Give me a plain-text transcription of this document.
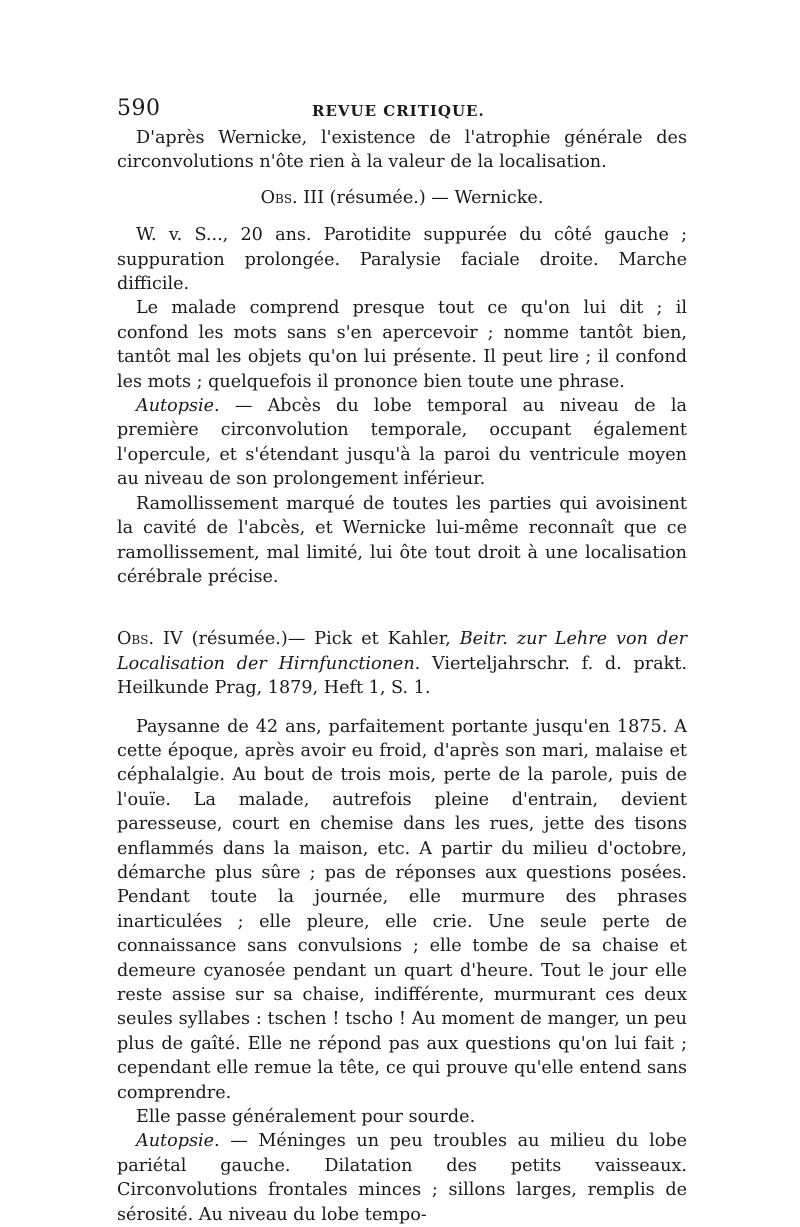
590	REVUE CRITIQUE.

D'après Wernicke, l'existence de l'atrophie générale des circonvolutions n'ôte rien à la valeur de la localisation.

Obs. III (résumée.) — Wernicke.

W. v. S..., 20 ans. Parotidite suppurée du côté gauche ; suppuration prolongée. Paralysie faciale droite. Marche difficile.

Le malade comprend presque tout ce qu'on lui dit ; il confond les mots sans s'en apercevoir ; nomme tantôt bien, tantôt mal les objets qu'on lui présente. Il peut lire ; il confond les mots ; quelquefois il prononce bien toute une phrase.

Autopsie. — Abcès du lobe temporal au niveau de la première circonvolution temporale, occupant également l'opercule, et s'étendant jusqu'à la paroi du ventricule moyen au niveau de son prolongement inférieur.

Ramollissement marqué de toutes les parties qui avoisinent la cavité de l'abcès, et Wernicke lui-même reconnaît que ce ramollissement, mal limité, lui ôte tout droit à une localisation cérébrale précise.

Obs. IV (résumée.)— Pick et Kahler, Beitr. zur Lehre von der Localisation der Hirnfunctionen. Vierteljahrschr. f. d. prakt. Heilkunde Prag, 1879, Heft 1, S. 1.

Paysanne de 42 ans, parfaitement portante jusqu'en 1875. A cette époque, après avoir eu froid, d'après son mari, malaise et céphalalgie. Au bout de trois mois, perte de la parole, puis de l'ouïe. La malade, autrefois pleine d'entrain, devient paresseuse, court en chemise dans les rues, jette des tisons enflammés dans la maison, etc. A partir du milieu d'octobre, démarche plus sûre ; pas de réponses aux questions posées. Pendant toute la journée, elle murmure des phrases inarticulées ; elle pleure, elle crie. Une seule perte de connaissance sans convulsions ; elle tombe de sa chaise et demeure cyanosée pendant un quart d'heure. Tout le jour elle reste assise sur sa chaise, indifférente, murmurant ces deux seules syllabes : tschen ! tscho ! Au moment de manger, un peu plus de gaîté. Elle ne répond pas aux questions qu'on lui fait ; cependant elle remue la tête, ce qui prouve qu'elle entend sans comprendre.

Elle passe généralement pour sourde.

Autopsie. — Méninges un peu troubles au milieu du lobe pariétal gauche. Dilatation des petits vaisseaux. Circonvolutions frontales minces ; sillons larges, remplis de sérosité. Au niveau du lobe tempo-
